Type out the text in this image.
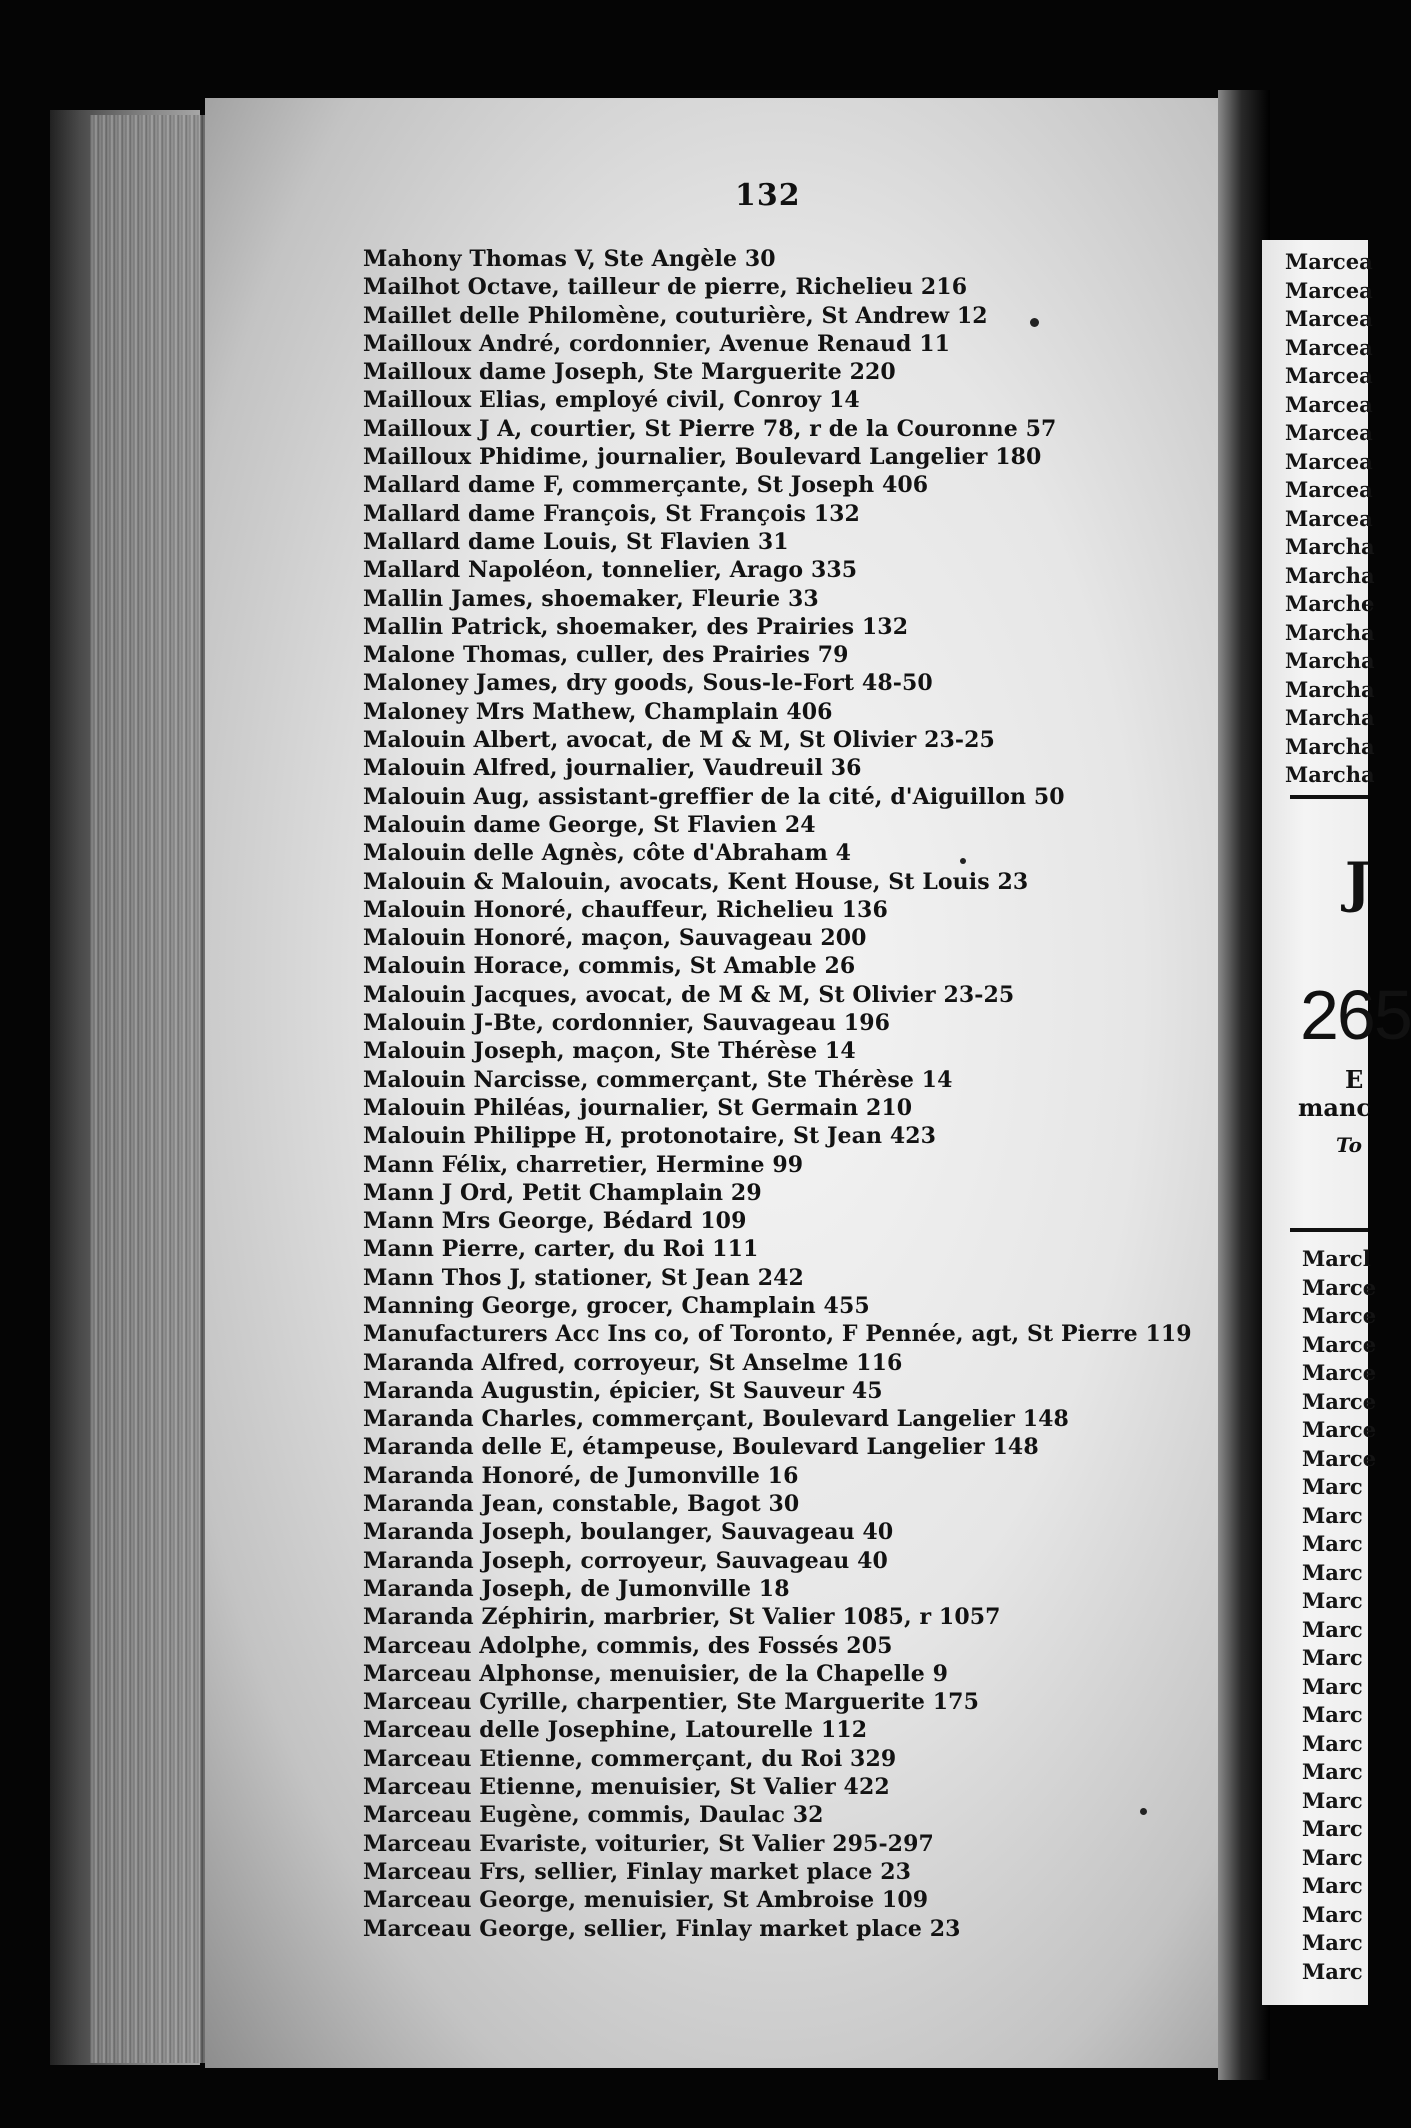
132
Mahony Thomas V, Ste Angèle 30
Mailhot Octave, tailleur de pierre, Richelieu 216
Maillet delle Philomène, couturière, St Andrew 12
Mailloux André, cordonnier, Avenue Renaud 11
Mailloux dame Joseph, Ste Marguerite 220
Mailloux Elias, employé civil, Conroy 14
Mailloux J A, courtier, St Pierre 78, r de la Couronne 57
Mailloux Phidime, journalier, Boulevard Langelier 180
Mallard dame F, commerçante, St Joseph 406
Mallard dame François, St François 132
Mallard dame Louis, St Flavien 31
Mallard Napoléon, tonnelier, Arago 335
Mallin James, shoemaker, Fleurie 33
Mallin Patrick, shoemaker, des Prairies 132
Malone Thomas, culler, des Prairies 79
Maloney James, dry goods, Sous-le-Fort 48-50
Maloney Mrs Mathew, Champlain 406
Malouin Albert, avocat, de M & M, St Olivier 23-25
Malouin Alfred, journalier, Vaudreuil 36
Malouin Aug, assistant-greffier de la cité, d'Aiguillon 50
Malouin dame George, St Flavien 24
Malouin delle Agnès, côte d'Abraham 4
Malouin & Malouin, avocats, Kent House, St Louis 23
Malouin Honoré, chauffeur, Richelieu 136
Malouin Honoré, maçon, Sauvageau 200
Malouin Horace, commis, St Amable 26
Malouin Jacques, avocat, de M & M, St Olivier 23-25
Malouin J-Bte, cordonnier, Sauvageau 196
Malouin Joseph, maçon, Ste Thérèse 14
Malouin Narcisse, commerçant, Ste Thérèse 14
Malouin Philéas, journalier, St Germain 210
Malouin Philippe H, protonotaire, St Jean 423
Mann Félix, charretier, Hermine 99
Mann J Ord, Petit Champlain 29
Mann Mrs George, Bédard 109
Mann Pierre, carter, du Roi 111
Mann Thos J, stationer, St Jean 242
Manning George, grocer, Champlain 455
Manufacturers Acc Ins co, of Toronto, F Pennée, agt, St Pierre 119
Maranda Alfred, corroyeur, St Anselme 116
Maranda Augustin, épicier, St Sauveur 45
Maranda Charles, commerçant, Boulevard Langelier 148
Maranda delle E, étampeuse, Boulevard Langelier 148
Maranda Honoré, de Jumonville 16
Maranda Jean, constable, Bagot 30
Maranda Joseph, boulanger, Sauvageau 40
Maranda Joseph, corroyeur, Sauvageau 40
Maranda Joseph, de Jumonville 18
Maranda Zéphirin, marbrier, St Valier 1085, r 1057
Marceau Adolphe, commis, des Fossés 205
Marceau Alphonse, menuisier, de la Chapelle 9
Marceau Cyrille, charpentier, Ste Marguerite 175
Marceau delle Josephine, Latourelle 112
Marceau Etienne, commerçant, du Roi 329
Marceau Etienne, menuisier, St Valier 422
Marceau Eugène, commis, Daulac 32
Marceau Evariste, voiturier, St Valier 295-297
Marceau Frs, sellier, Finlay market place 23
Marceau George, menuisier, St Ambroise 109
Marceau George, sellier, Finlay market place 23
Marcea
Marcea
Marcea
Marcea
Marcea
Marcea
Marcea
Marcea
Marcea
Marcea
Marcha
Marcha
Marche
Marcha
Marcha
Marcha
Marcha
Marcha
Marcha
J
265
E
manc
To
Marcl
Marce
Marce
Marce
Marce
Marce
Marce
Marce
Marc
Marc
Marc
Marc
Marc
Marc
Marc
Marc
Marc
Marc
Marc
Marc
Marc
Marc
Marc
Marc
Marc
Marc
